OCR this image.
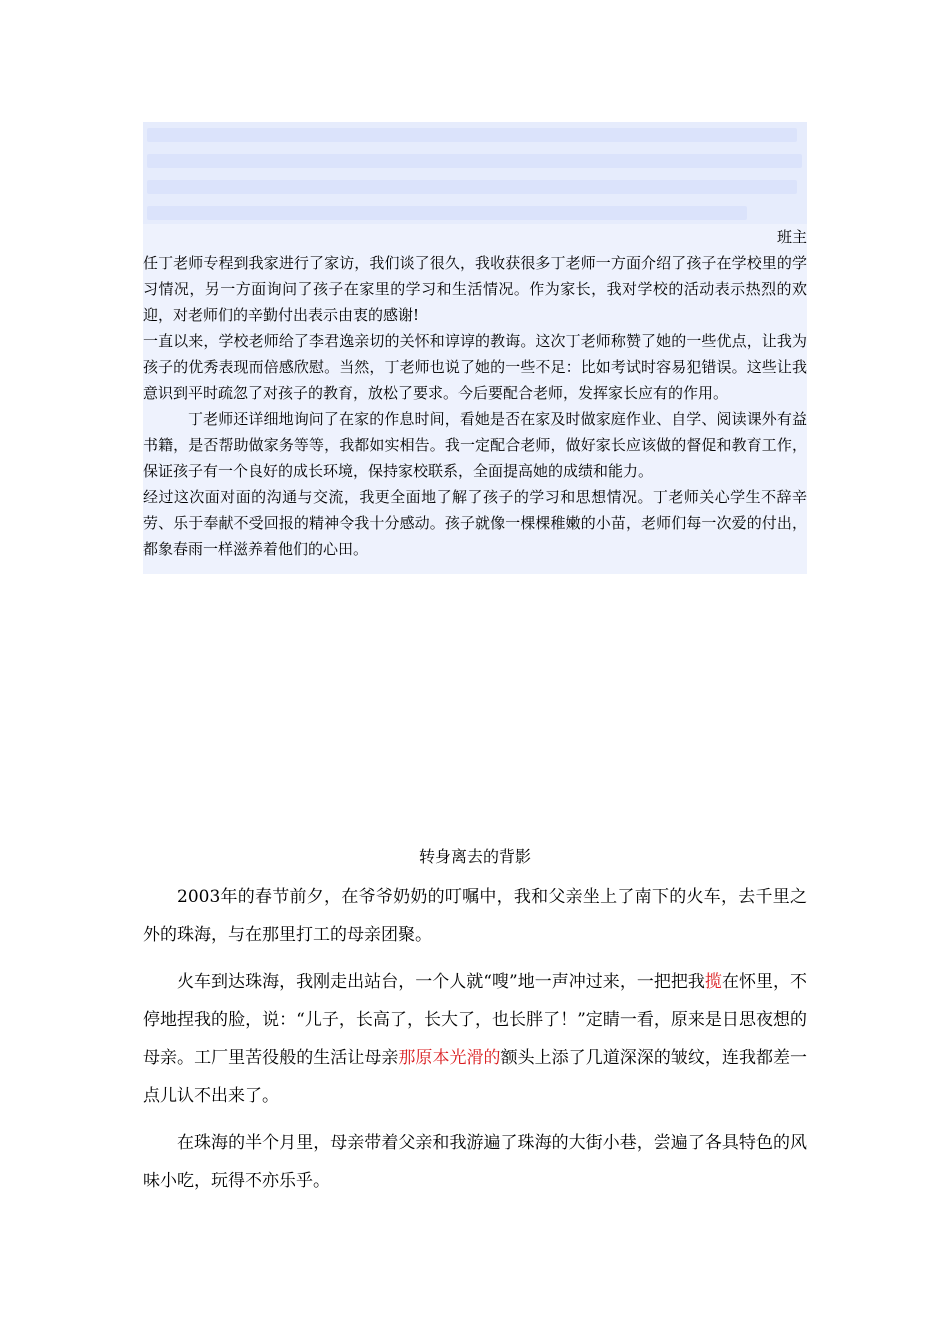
班主

任丁老师专程到我家进行了家访，我们谈了很久，我收获很多丁老师一方面介绍了孩子在学校里的学习情况，另一方面询问了孩子在家里的学习和生活情况。作为家长，我对学校的活动表示热烈的欢迎，对老师们的辛勤付出表示由衷的感谢!

一直以来，学校老师给了李君逸亲切的关怀和谆谆的教诲。这次丁老师称赞了她的一些优点，让我为孩子的优秀表现而倍感欣慰。当然，丁老师也说了她的一些不足：比如考试时容易犯错误。这些让我意识到平时疏忽了对孩子的教育，放松了要求。今后要配合老师，发挥家长应有的作用。

丁老师还详细地询问了在家的作息时间，看她是否在家及时做家庭作业、自学、阅读课外有益书籍，是否帮助做家务等等，我都如实相告。我一定配合老师，做好家长应该做的督促和教育工作，保证孩子有一个良好的成长环境，保持家校联系，全面提高她的成绩和能力。

经过这次面对面的沟通与交流，我更全面地了解了孩子的学习和思想情况。丁老师关心学生不辞辛劳、乐于奉献不受回报的精神令我十分感动。孩子就像一棵棵稚嫩的小苗，老师们每一次爱的付出，都象春雨一样滋养着他们的心田。

转身离去的背影

2003年的春节前夕，在爷爷奶奶的叮嘱中，我和父亲坐上了南下的火车，去千里之外的珠海，与在那里打工的母亲团聚。

火车到达珠海，我刚走出站台，一个人就“嗖”地一声冲过来，一把把我揽在怀里，不停地捏我的脸，说：“儿子，长高了，长大了，也长胖了！”定睛一看，原来是日思夜想的母亲。工厂里苦役般的生活让母亲那原本光滑的额头上添了几道深深的皱纹，连我都差一点儿认不出来了。

在珠海的半个月里，母亲带着父亲和我游遍了珠海的大街小巷，尝遍了各具特色的风味小吃，玩得不亦乐乎。
